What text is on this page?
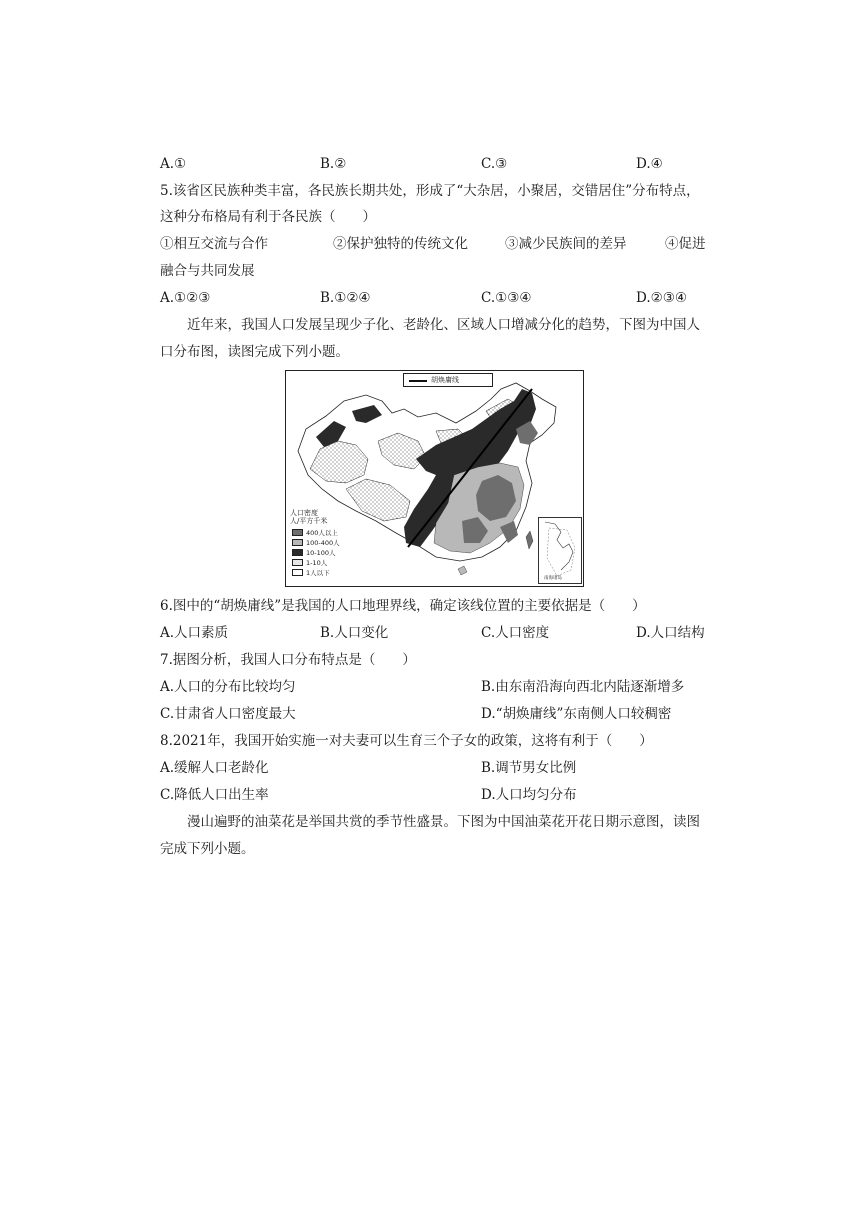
A.①	B.②	C.③	D.④
5.该省区民族种类丰富，各民族长期共处，形成了“大杂居，小聚居，交错居住”分布特点，
这种分布格局有利于各民族（　　）
①相互交流与合作	②保护独特的传统文化	③减少民族间的差异	④促进
融合与共同发展
A.①②③	B.①②④	C.①③④	D.②③④
近年来，我国人口发展呈现少子化、老龄化、区域人口增减分化的趋势，下图为中国人
口分布图，读图完成下列小题。
胡焕庸线
人口密度
人/平方千米
400人以上
100-400人
10-100人
1-10人
1人以下
南海诸岛
6.图中的“胡焕庸线”是我国的人口地理界线，确定该线位置的主要依据是（　　）
A.人口素质	B.人口变化	C.人口密度	D.人口结构
7.据图分析，我国人口分布特点是（　　）
A.人口的分布比较均匀	B.由东南沿海向西北内陆逐渐增多
C.甘肃省人口密度最大	D.“胡焕庸线”东南侧人口较稠密
8.2021年，我国开始实施一对夫妻可以生育三个子女的政策，这将有利于（　　）
A.缓解人口老龄化	B.调节男女比例
C.降低人口出生率	D.人口均匀分布
漫山遍野的油菜花是举国共赏的季节性盛景。下图为中国油菜花开花日期示意图，读图
完成下列小题。
